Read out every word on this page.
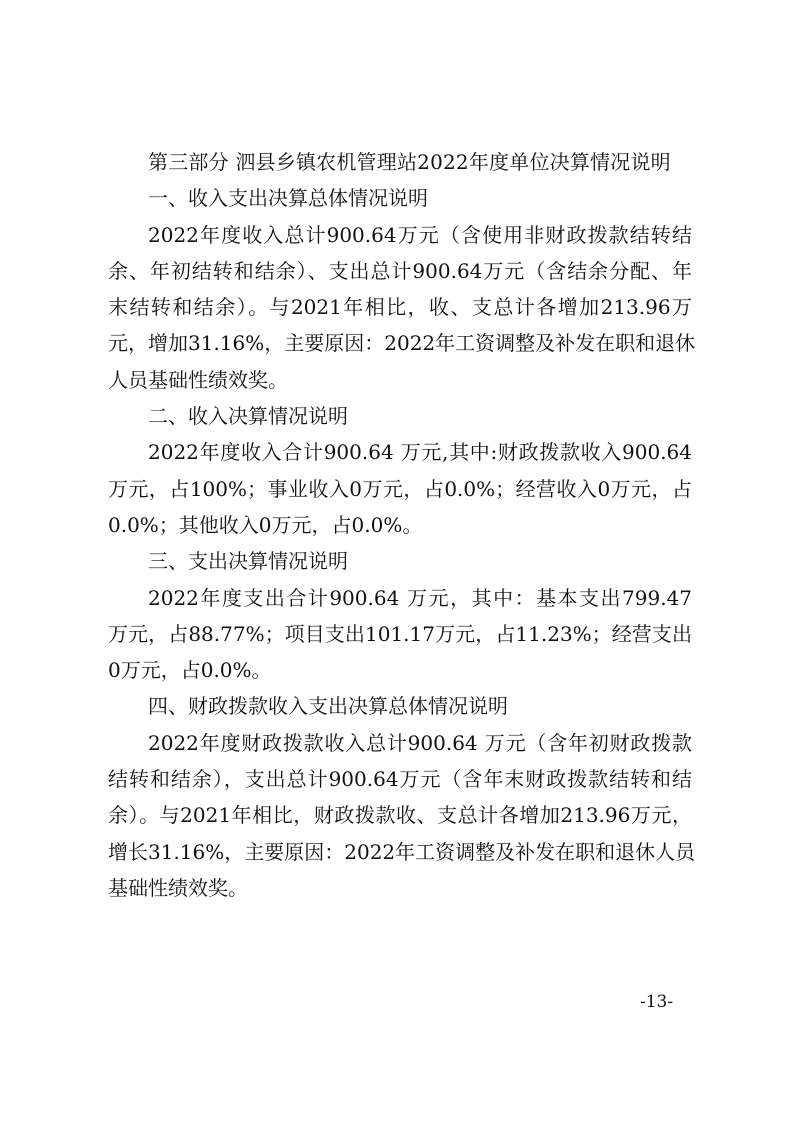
第三部分 泗县乡镇农机管理站2022年度单位决算情况说明
一、收入支出决算总体情况说明
2022年度收入总计900.64万元（含使用非财政拨款结转结
余、年初结转和结余）、支出总计900.64万元（含结余分配、年
末结转和结余）。与2021年相比，收、支总计各增加213.96万
元，增加31.16%，主要原因：2022年工资调整及补发在职和退休
人员基础性绩效奖。
二、收入决算情况说明
2022年度收入合计900.64 万元,其中:财政拨款收入900.64
万元，占100%；事业收入0万元，占0.0%；经营收入0万元，占
0.0%；其他收入0万元，占0.0%。
三、支出决算情况说明
2022年度支出合计900.64 万元，其中：基本支出799.47
万元，占88.77%；项目支出101.17万元，占11.23%；经营支出
0万元，占0.0%。
四、财政拨款收入支出决算总体情况说明
2022年度财政拨款收入总计900.64 万元（含年初财政拨款
结转和结余），支出总计900.64万元（含年末财政拨款结转和结
余）。与2021年相比，财政拨款收、支总计各增加213.96万元，
增长31.16%，主要原因：2022年工资调整及补发在职和退休人员
基础性绩效奖。
-13-
